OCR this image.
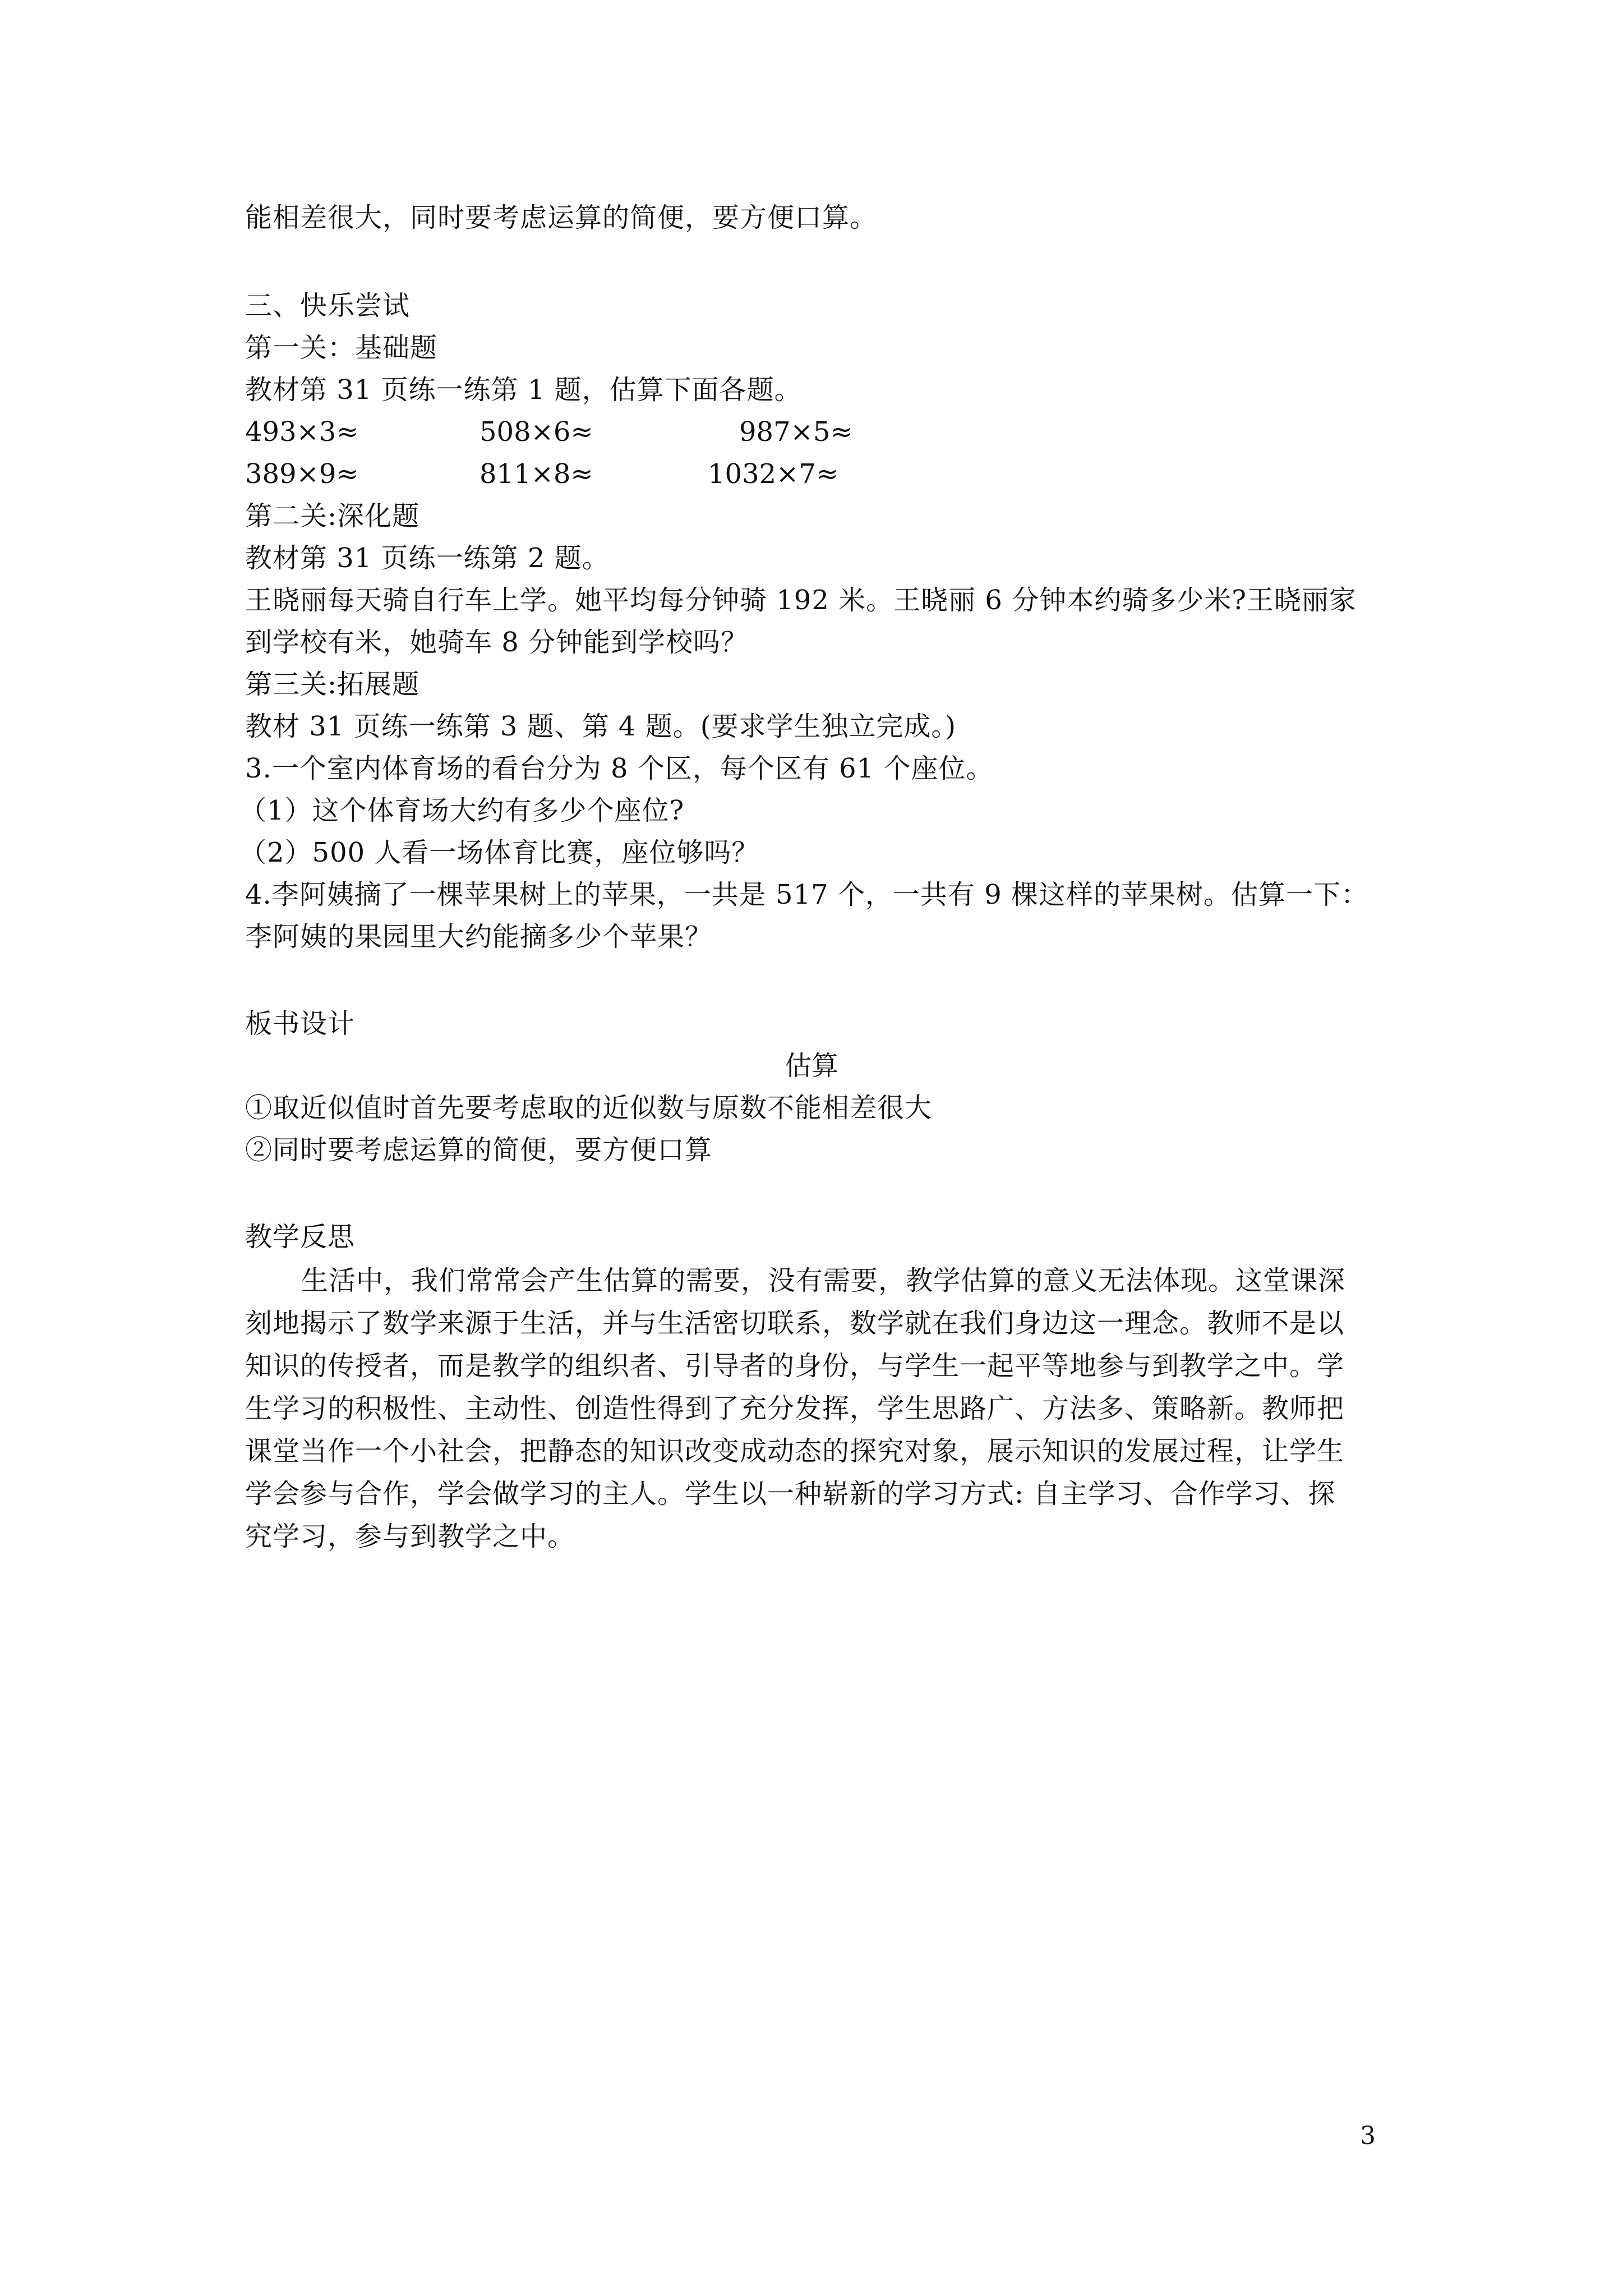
能相差很大，同时要考虑运算的简便，要方便口算。
三、快乐尝试
第一关：基础题
教材第 31 页练一练第 1 题，估算下面各题。
493×3≈	508×6≈	987×5≈
389×9≈	811×8≈	1032×7≈
第二关:深化题
教材第 31 页练一练第 2 题。
王晓丽每天骑自行车上学。她平均每分钟骑 192 米。王晓丽 6 分钟本约骑多少米?王晓丽家
到学校有米，她骑车 8 分钟能到学校吗？
第三关:拓展题
教材 31 页练一练第 3 题、第 4 题。(要求学生独立完成。)
3.一个室内体育场的看台分为 8 个区，每个区有 61 个座位。
（1）这个体育场大约有多少个座位?
（2）500 人看一场体育比赛，座位够吗？
4.李阿姨摘了一棵苹果树上的苹果，一共是 517 个，一共有 9 棵这样的苹果树。估算一下：
李阿姨的果园里大约能摘多少个苹果？
板书设计
估算
①取近似值时首先要考虑取的近似数与原数不能相差很大
②同时要考虑运算的简便，要方便口算
教学反思
生活中，我们常常会产生估算的需要，没有需要，教学估算的意义无法体现。这堂课深
刻地揭示了数学来源于生活，并与生活密切联系，数学就在我们身边这一理念。教师不是以
知识的传授者，而是教学的组织者、引导者的身份，与学生一起平等地参与到教学之中。学
生学习的积极性、主动性、创造性得到了充分发挥，学生思路广、方法多、策略新。教师把
课堂当作一个小社会，把静态的知识改变成动态的探究对象，展示知识的发展过程，让学生
学会参与合作，学会做学习的主人。学生以一种崭新的学习方式: 自主学习、合作学习、探
究学习，参与到教学之中。
3
